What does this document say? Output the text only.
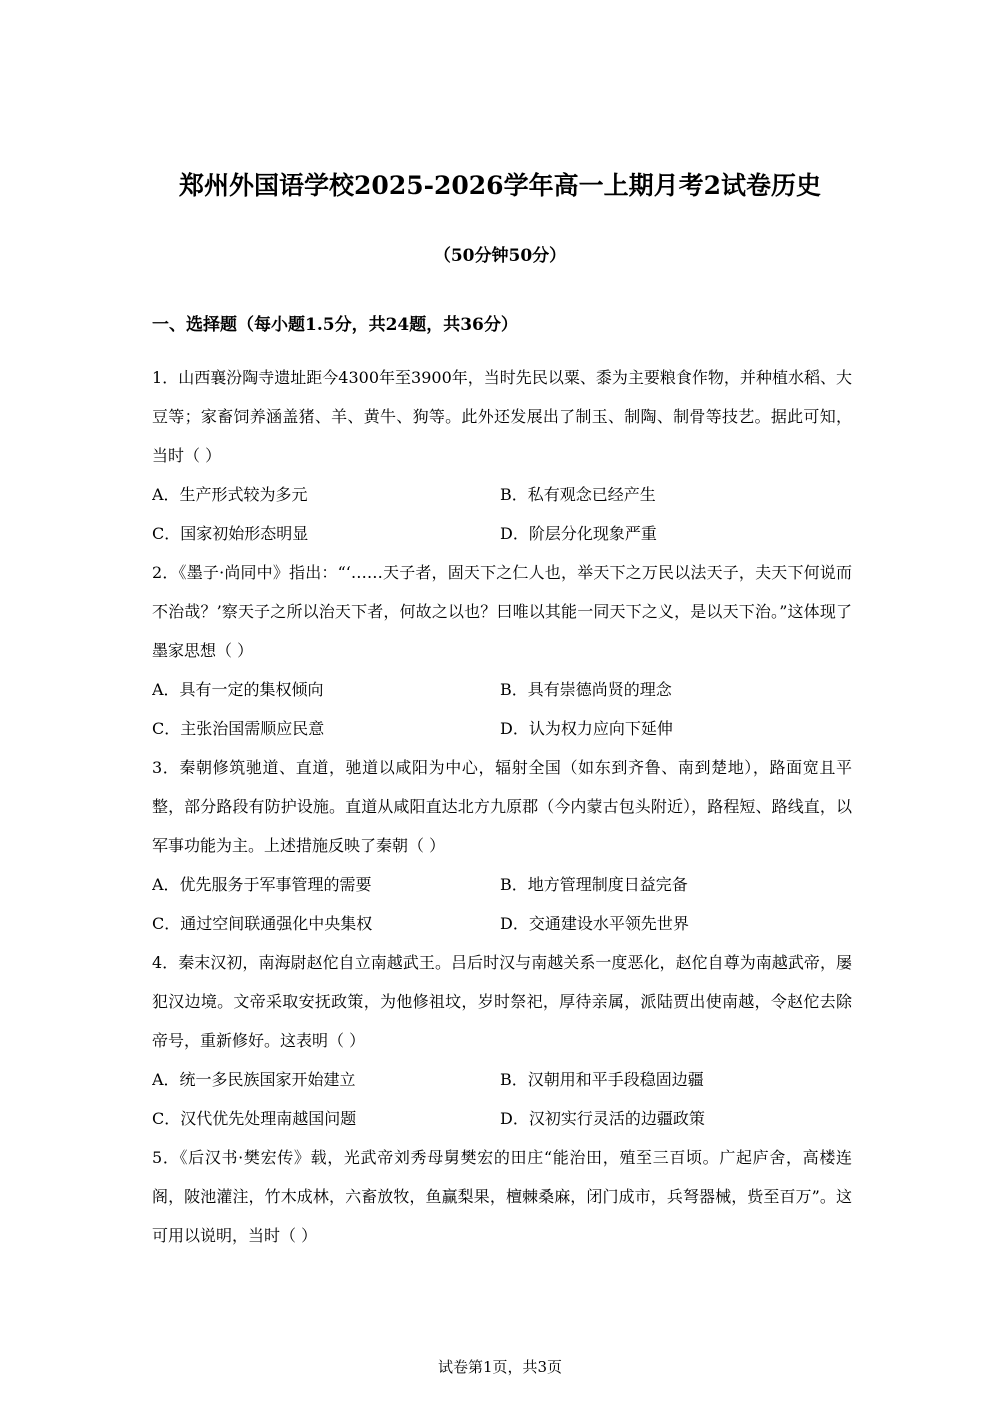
郑州外国语学校2025-2026学年高一上期月考2试卷历史
（50分钟50分）
一、选择题（每小题1.5分，共24题，共36分）

1．山西襄汾陶寺遗址距今4300年至3900年，当时先民以粟、黍为主要粮食作物，并种植水稻、大豆等；家畜饲养涵盖猪、羊、黄牛、狗等。此外还发展出了制玉、制陶、制骨等技艺。据此可知，当时（ ）

A．生产形式较为多元	B．私有观念已经产生
C．国家初始形态明显	D．阶层分化现象严重

2．《墨子·尚同中》指出：“‘……天子者，固天下之仁人也，举天下之万民以法天子，夫天下何说而不治哉？’察天子之所以治天下者，何故之以也？曰唯以其能一同天下之义，是以天下治。”这体现了墨家思想（ ）

A．具有一定的集权倾向	B．具有崇德尚贤的理念
C．主张治国需顺应民意	D．认为权力应向下延伸

3．秦朝修筑驰道、直道，驰道以咸阳为中心，辐射全国（如东到齐鲁、南到楚地），路面宽且平整，部分路段有防护设施。直道从咸阳直达北方九原郡（今内蒙古包头附近），路程短、路线直，以军事功能为主。上述措施反映了秦朝（ ）

A．优先服务于军事管理的需要	B．地方管理制度日益完备
C．通过空间联通强化中央集权	D．交通建设水平领先世界

4．秦末汉初，南海尉赵佗自立南越武王。吕后时汉与南越关系一度恶化，赵佗自尊为南越武帝，屡犯汉边境。文帝采取安抚政策，为他修祖坟，岁时祭祀，厚待亲属，派陆贾出使南越，令赵佗去除帝号，重新修好。这表明（ ）

A．统一多民族国家开始建立	B．汉朝用和平手段稳固边疆
C．汉代优先处理南越国问题	D．汉初实行灵活的边疆政策

5．《后汉书·樊宏传》载，光武帝刘秀母舅樊宏的田庄“能治田，殖至三百顷。广起庐舍，高楼连阁，陂池灌注，竹木成林，六畜放牧，鱼赢梨果，檀棘桑麻，闭门成市，兵弩器械，赀至百万”。这可用以说明，当时（ ）

试卷第1页，共3页
